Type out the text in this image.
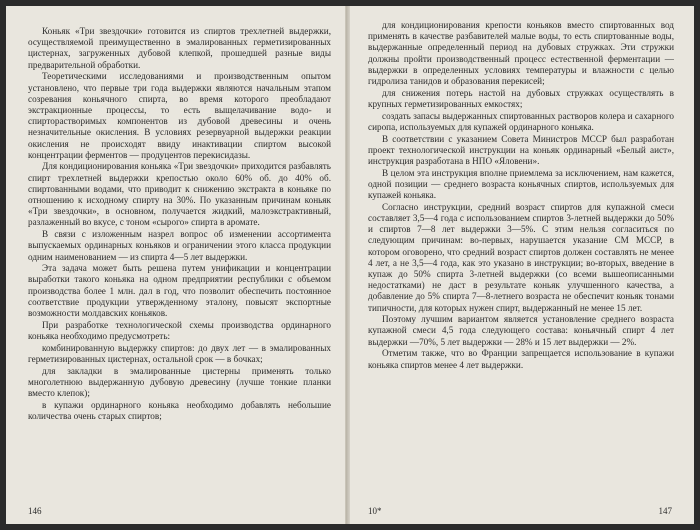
Коньяк «Три звездочки» готовится из спиртов трехлетней выдержки, осуществляемой преимущественно в эмалированных герметизированных цистернах, загруженных дубовой клепкой, прошедшей разные виды предварительной обработки.

Теоретическими исследованиями и производственным опытом установлено, что первые три года выдержки являются начальным этапом созревания коньячного спирта, во время которого преобладают экстракционные процессы, то есть выщелачивание водо- и спирторастворимых компонентов из дубовой древесины и очень незначительные окисления. В условиях резервуарной выдержки реакции окисления не происходят ввиду инактивации спиртом высокой концентрации ферментов — продуцентов перекисидазы.

Для кондиционирования коньяка «Три звездочки» приходится разбавлять спирт трехлетней выдержки крепостью около 60% об. до 40% об. спиртованными водами, что приводит к снижению экстракта в коньяке по отношению к исходному спирту на 30%. По указанным причинам коньяк «Три звездочки», в основном, получается жидкий, малоэкстрактивный, разлаженный во вкусе, с тоном «сырого» спирта в аромате.

В связи с изложенным назрел вопрос об изменении ассортимента выпускаемых ординарных коньяков и ограничении этого класса продукции одним наименованием — из спирта 4—5 лет выдержки.

Эта задача может быть решена путем унификации и концентрации выработки такого коньяка на одном предприятии республики с объемом производства более 1 млн. дал в год, что позволит обеспечить постоянное соответствие продукции утвержденному эталону, повысят экспортные возможности молдавских коньяков.

При разработке технологической схемы производства ординарного коньяка необходимо предусмотреть:

комбинированную выдержку спиртов: до двух лет — в эмалированных герметизированных цистернах, остальной срок — в бочках;

для закладки в эмалированные цистерны применять только многолетнюю выдержанную дубовую древесину (лучше тонкие планки вместо клепок);

в купажи ординарного коньяка необходимо добавлять небольшие количества очень старых спиртов;

146

для кондиционирования крепости коньяков вместо спиртованных вод применять в качестве разбавителей малые воды, то есть спиртованные воды, выдержанные определенный период на дубовых стружках. Эти стружки должны пройти производственный процесс естественной ферментации — выдержки в определенных условиях температуры и влажности с целью гидролиза танидов и образования перекисей;

для снижения потерь настой на дубовых стружках осуществлять в крупных герметизированных емкостях;

создать запасы выдержанных спиртованных растворов колера и сахарного сиропа, используемых для купажей ординарного коньяка.

В соответствии с указанием Совета Министров МССР был разработан проект технологической инструкции на коньяк ординарный «Белый аист», инструкция разработана в НПО «Яловени».

В целом эта инструкция вполне приемлема за исключением, нам кажется, одной позиции — среднего возраста коньячных спиртов, используемых для купажей коньяка.

Согласно инструкции, средний возраст спиртов для купажной смеси составляет 3,5—4 года с использованием спиртов 3-летней выдержки до 50% и спиртов 7—8 лет выдержки 3—5%. С этим нельзя согласиться по следующим причинам: во-первых, нарушается указание СМ МССР, в котором оговорено, что средний возраст спиртов должен составлять не менее 4 лет, а не 3,5—4 года, как это указано в инструкции; во-вторых, введение в купаж до 50% спирта 3-летней выдержки (со всеми вышеописанными недостатками) не даст в результате коньяк улучшенного качества, а добавление до 5% спирта 7—8-летнего возраста не обеспечит коньяк тонами типичности, для которых нужен спирт, выдержанный не менее 15 лет.

Поэтому лучшим вариантом является установление среднего возраста купажной смеси 4,5 года следующего состава: коньячный спирт 4 лет выдержки —70%, 5 лет выдержки — 28% и 15 лет выдержки — 2%.

Отметим также, что во Франции запрещается использование в купажи коньяка спиртов менее 4 лет выдержки.

10*	147
